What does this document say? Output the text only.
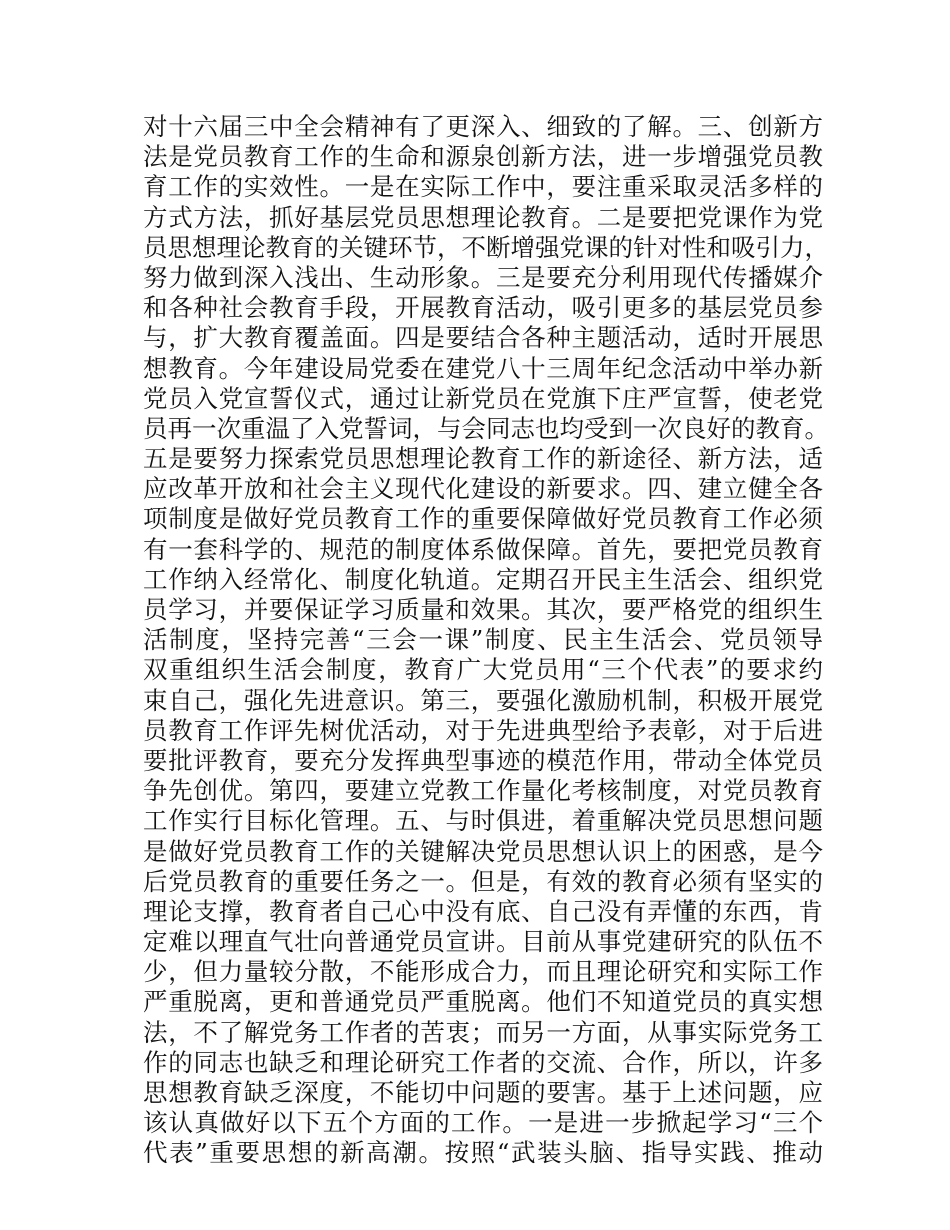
对十六届三中全会精神有了更深入、细致的了解。三、创新方
法是党员教育工作的生命和源泉创新方法，进一步增强党员教
育工作的实效性。一是在实际工作中，要注重采取灵活多样的
方式方法，抓好基层党员思想理论教育。二是要把党课作为党
员思想理论教育的关键环节，不断增强党课的针对性和吸引力，
努力做到深入浅出、生动形象。三是要充分利用现代传播媒介
和各种社会教育手段，开展教育活动，吸引更多的基层党员参
与，扩大教育覆盖面。四是要结合各种主题活动，适时开展思
想教育。今年建设局党委在建党八十三周年纪念活动中举办新
党员入党宣誓仪式，通过让新党员在党旗下庄严宣誓，使老党
员再一次重温了入党誓词，与会同志也均受到一次良好的教育。
五是要努力探索党员思想理论教育工作的新途径、新方法，适
应改革开放和社会主义现代化建设的新要求。四、建立健全各
项制度是做好党员教育工作的重要保障做好党员教育工作必须
有一套科学的、规范的制度体系做保障。首先，要把党员教育
工作纳入经常化、制度化轨道。定期召开民主生活会、组织党
员学习，并要保证学习质量和效果。其次，要严格党的组织生
活制度，坚持完善“三会一课”制度、民主生活会、党员领导
双重组织生活会制度，教育广大党员用“三个代表”的要求约
束自己，强化先进意识。第三，要强化激励机制，积极开展党
员教育工作评先树优活动，对于先进典型给予表彰，对于后进
要批评教育，要充分发挥典型事迹的模范作用，带动全体党员
争先创优。第四，要建立党教工作量化考核制度，对党员教育
工作实行目标化管理。五、与时俱进，着重解决党员思想问题
是做好党员教育工作的关键解决党员思想认识上的困惑，是今
后党员教育的重要任务之一。但是，有效的教育必须有坚实的
理论支撑，教育者自己心中没有底、自己没有弄懂的东西，肯
定难以理直气壮向普通党员宣讲。目前从事党建研究的队伍不
少，但力量较分散，不能形成合力，而且理论研究和实际工作
严重脱离，更和普通党员严重脱离。他们不知道党员的真实想
法，不了解党务工作者的苦衷；而另一方面，从事实际党务工
作的同志也缺乏和理论研究工作者的交流、合作，所以，许多
思想教育缺乏深度，不能切中问题的要害。基于上述问题，应
该认真做好以下五个方面的工作。一是进一步掀起学习“三个
代表”重要思想的新高潮。按照“武装头脑、指导实践、推动
